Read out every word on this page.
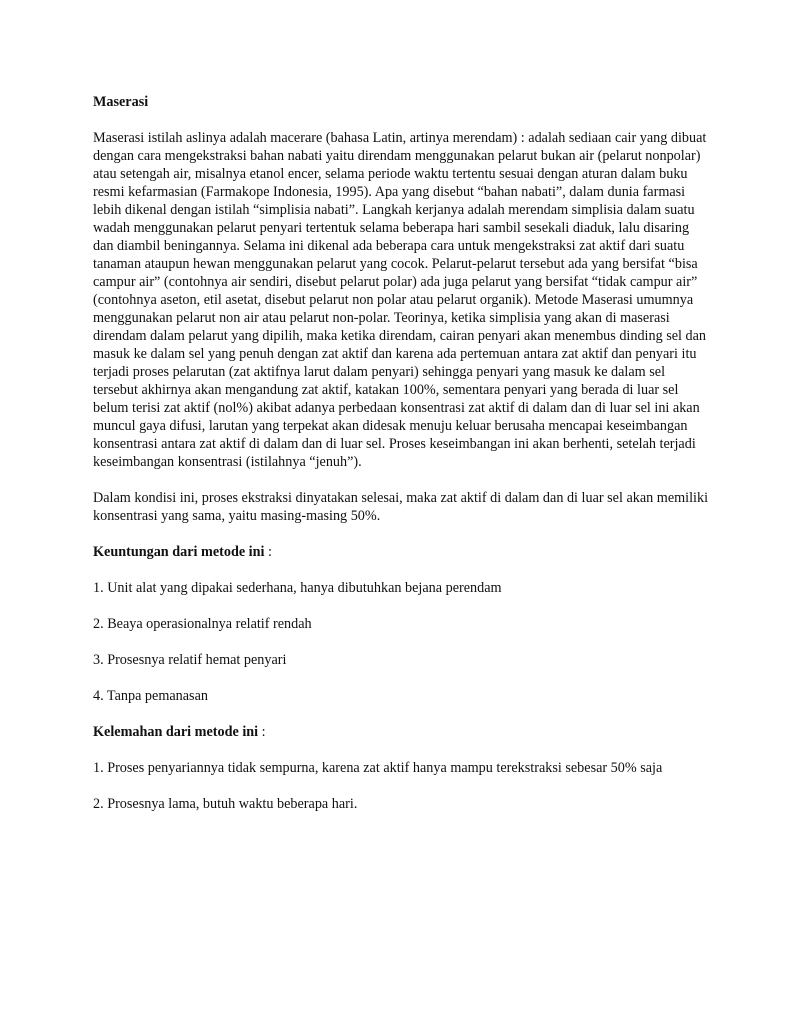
Maserasi

Maserasi istilah aslinya adalah macerare (bahasa Latin, artinya merendam) : adalah sediaan cair yang dibuat dengan cara mengekstraksi bahan nabati yaitu direndam menggunakan pelarut bukan air (pelarut nonpolar) atau setengah air, misalnya etanol encer, selama periode waktu tertentu sesuai dengan aturan dalam buku resmi kefarmasian (Farmakope Indonesia, 1995). Apa yang disebut “bahan nabati”, dalam dunia farmasi lebih dikenal dengan istilah “simplisia nabati”. Langkah kerjanya adalah merendam simplisia dalam suatu wadah menggunakan pelarut penyari tertentuk selama beberapa hari sambil sesekali diaduk, lalu disaring dan diambil beningannya. Selama ini dikenal ada beberapa cara untuk mengekstraksi zat aktif dari suatu tanaman ataupun hewan menggunakan pelarut yang cocok. Pelarut-pelarut tersebut ada yang bersifat “bisa campur air” (contohnya air sendiri, disebut pelarut polar) ada juga pelarut yang bersifat “tidak campur air” (contohnya aseton, etil asetat, disebut pelarut non polar atau pelarut organik). Metode Maserasi umumnya menggunakan pelarut non air atau pelarut non-polar. Teorinya, ketika simplisia yang akan di maserasi direndam dalam pelarut yang dipilih, maka ketika direndam, cairan penyari akan menembus dinding sel dan masuk ke dalam sel yang penuh dengan zat aktif dan karena ada pertemuan antara zat aktif dan penyari itu terjadi proses pelarutan (zat aktifnya larut dalam penyari) sehingga penyari yang masuk ke dalam sel tersebut akhirnya akan mengandung zat aktif, katakan 100%, sementara penyari yang berada di luar sel belum terisi zat aktif (nol%) akibat adanya perbedaan konsentrasi zat aktif di dalam dan di luar sel ini akan muncul gaya difusi, larutan yang terpekat akan didesak menuju keluar berusaha mencapai keseimbangan konsentrasi antara zat aktif di dalam dan di luar sel. Proses keseimbangan ini akan berhenti, setelah terjadi keseimbangan konsentrasi (istilahnya “jenuh”).

Dalam kondisi ini, proses ekstraksi dinyatakan selesai, maka zat aktif di dalam dan di luar sel akan memiliki konsentrasi yang sama, yaitu masing-masing 50%.

Keuntungan dari metode ini :

1. Unit alat yang dipakai sederhana, hanya dibutuhkan bejana perendam

2. Beaya operasionalnya relatif rendah

3. Prosesnya relatif hemat penyari

4. Tanpa pemanasan

Kelemahan dari metode ini :

1. Proses penyariannya tidak sempurna, karena zat aktif hanya mampu terekstraksi sebesar 50% saja

2. Prosesnya lama, butuh waktu beberapa hari.
